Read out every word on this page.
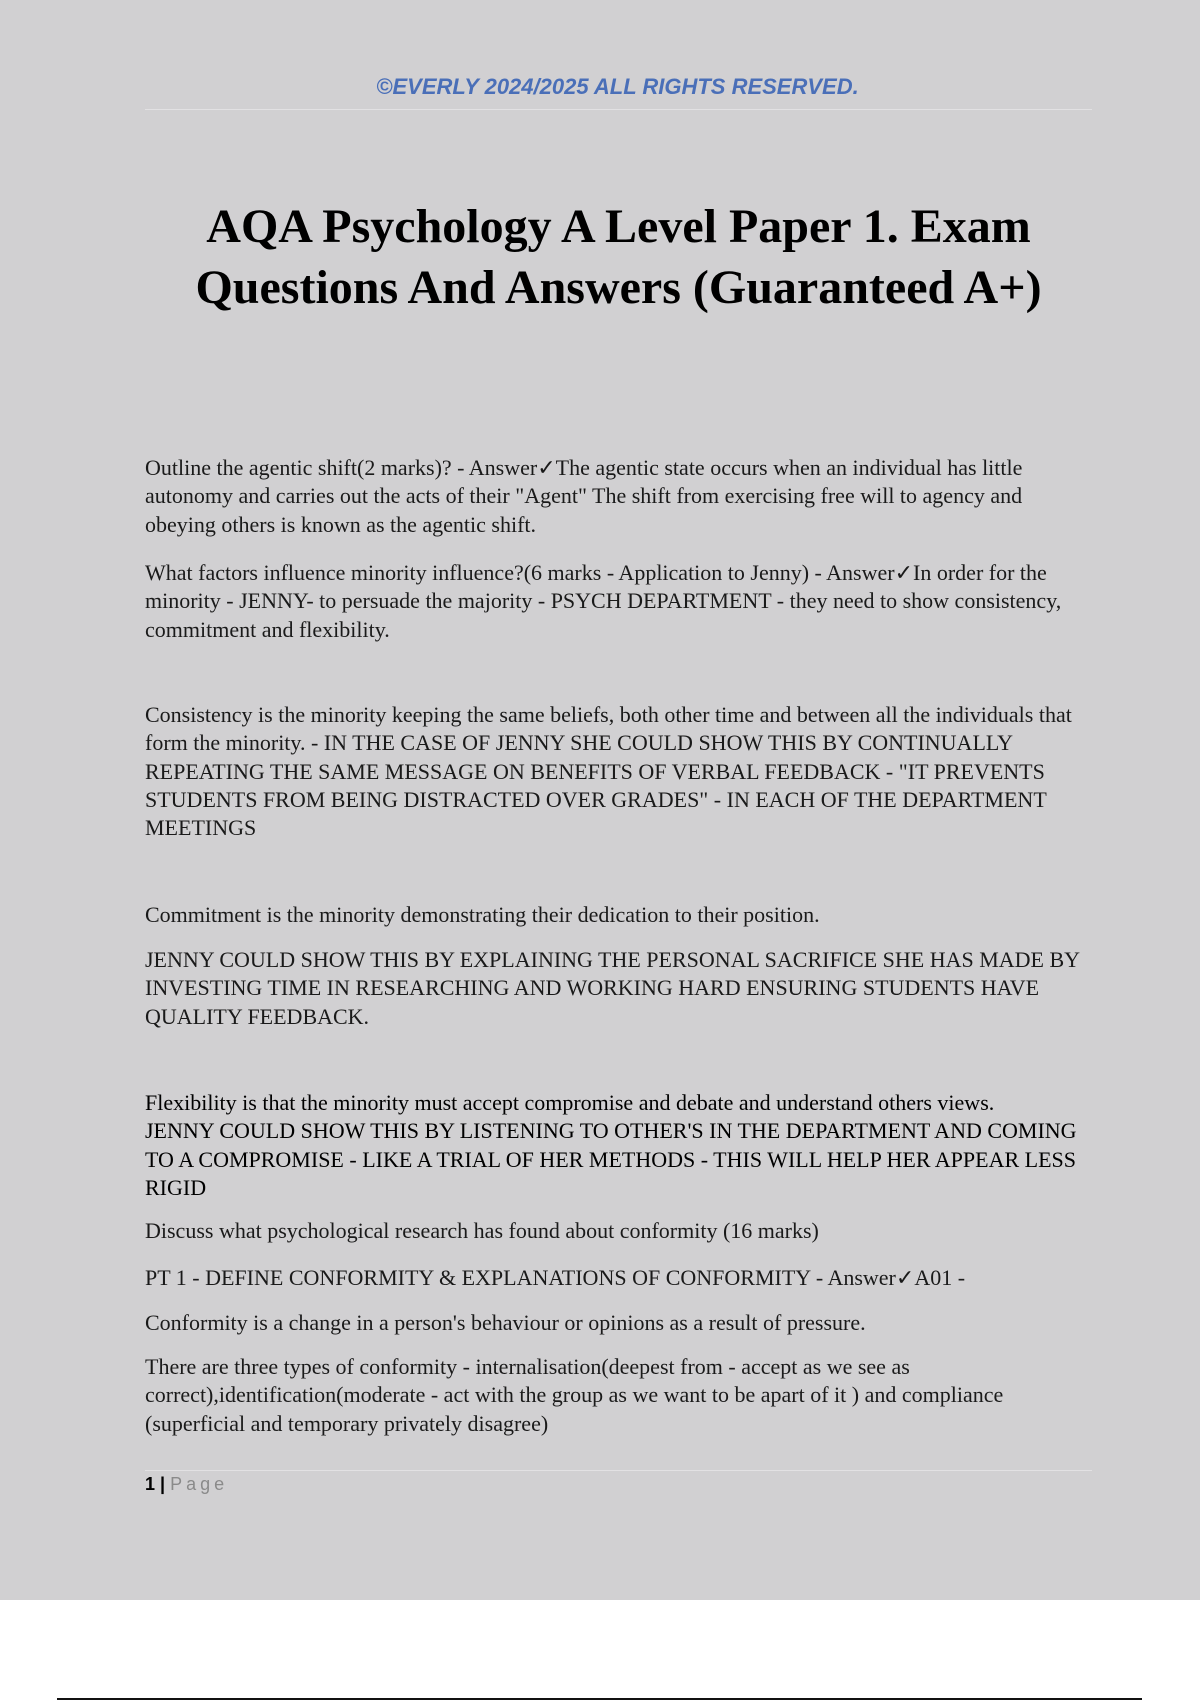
©EVERLY 2024/2025 ALL RIGHTS RESERVED.
AQA Psychology A Level Paper 1. Exam
Questions And Answers (Guaranteed A+)
Outline the agentic shift(2 marks)? - Answer✓The agentic state occurs when an individual has little autonomy and carries out the acts of their "Agent" The shift from exercising free will to agency and obeying others is known as the agentic shift.
What factors influence minority influence?(6 marks - Application to Jenny) - Answer✓In order for the minority - JENNY- to persuade the majority - PSYCH DEPARTMENT - they need to show consistency, commitment and flexibility.
Consistency is the minority keeping the same beliefs, both other time and between all the individuals that form the minority. - IN THE CASE OF JENNY SHE COULD SHOW THIS BY CONTINUALLY REPEATING THE SAME MESSAGE ON BENEFITS OF VERBAL FEEDBACK - "IT PREVENTS STUDENTS FROM BEING DISTRACTED OVER GRADES" - IN EACH OF THE DEPARTMENT MEETINGS
Commitment is the minority demonstrating their dedication to their position.
JENNY COULD SHOW THIS BY EXPLAINING THE PERSONAL SACRIFICE SHE HAS MADE BY INVESTING TIME IN RESEARCHING AND WORKING HARD ENSURING STUDENTS HAVE QUALITY FEEDBACK.
Flexibility is that the minority must accept compromise and debate and understand others views.
JENNY COULD SHOW THIS BY LISTENING TO OTHER'S IN THE DEPARTMENT AND COMING TO A COMPROMISE - LIKE A TRIAL OF HER METHODS - THIS WILL HELP HER APPEAR LESS RIGID
Discuss what psychological research has found about conformity (16 marks)
PT 1 - DEFINE CONFORMITY & EXPLANATIONS OF CONFORMITY - Answer✓A01 -
Conformity is a change in a person's behaviour or opinions as a result of pressure.
There are three types of conformity - internalisation(deepest from - accept as we see as correct),identification(moderate - act with the group as we want to be apart of it ) and compliance (superficial and temporary privately disagree)
1 | Page
